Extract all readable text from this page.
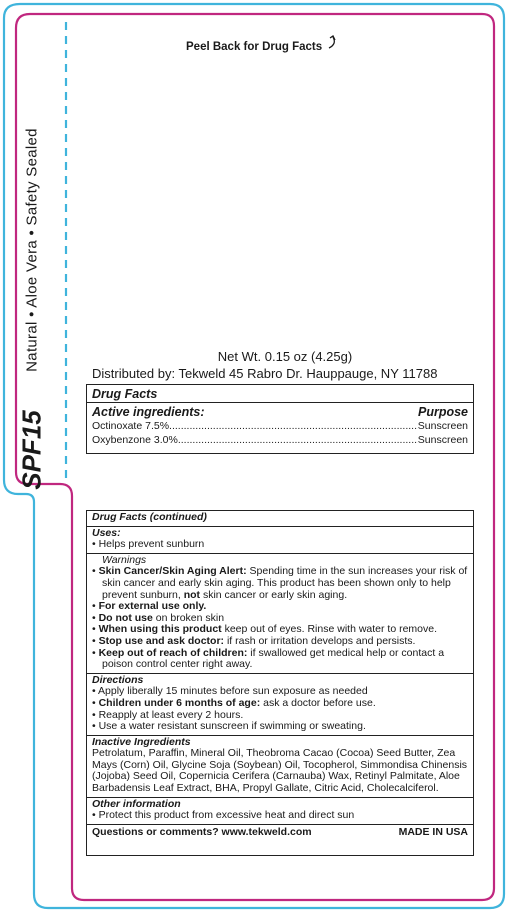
Natural • Aloe Vera • Safety Sealed
SPF15
Peel Back for Drug Facts
Net Wt. 0.15 oz (4.25g)
Distributed by: Tekweld 45 Rabro Dr. Hauppauge, NY 11788
Drug Facts
Active ingredients:	Purpose
Octinoxate 7.5% .....	Sunscreen
Oxybenzone 3.0% .....	Sunscreen
Drug Facts (continued)
Uses:
• Helps prevent sunburn
Warnings
• Skin Cancer/Skin Aging Alert: Spending time in the sun increases your risk of skin cancer and early skin aging. This product has been shown only to help prevent sunburn, not skin cancer or early skin aging.
• For external use only.
• Do not use on broken skin
• When using this product keep out of eyes. Rinse with water to remove.
• Stop use and ask doctor: if rash or irritation develops and persists.
• Keep out of reach of children: if swallowed get medical help or contact a poison control center right away.
Directions
• Apply liberally 15 minutes before sun exposure as needed
• Children under 6 months of age: ask a doctor before use.
• Reapply at least every 2 hours.
• Use a water resistant sunscreen if swimming or sweating.
Inactive Ingredients
Petrolatum, Paraffin, Mineral Oil, Theobroma Cacao (Cocoa) Seed Butter, Zea Mays (Corn) Oil, Glycine Soja (Soybean) Oil, Tocopherol, Simmondisa Chinensis (Jojoba) Seed Oil, Copernicia Cerifera (Carnauba) Wax, Retinyl Palmitate, Aloe Barbadensis Leaf Extract, BHA, Propyl Gallate, Citric Acid, Cholecalciferol.
Other information
• Protect this product from excessive heat and direct sun
Questions or comments? www.tekweld.com	MADE IN USA
